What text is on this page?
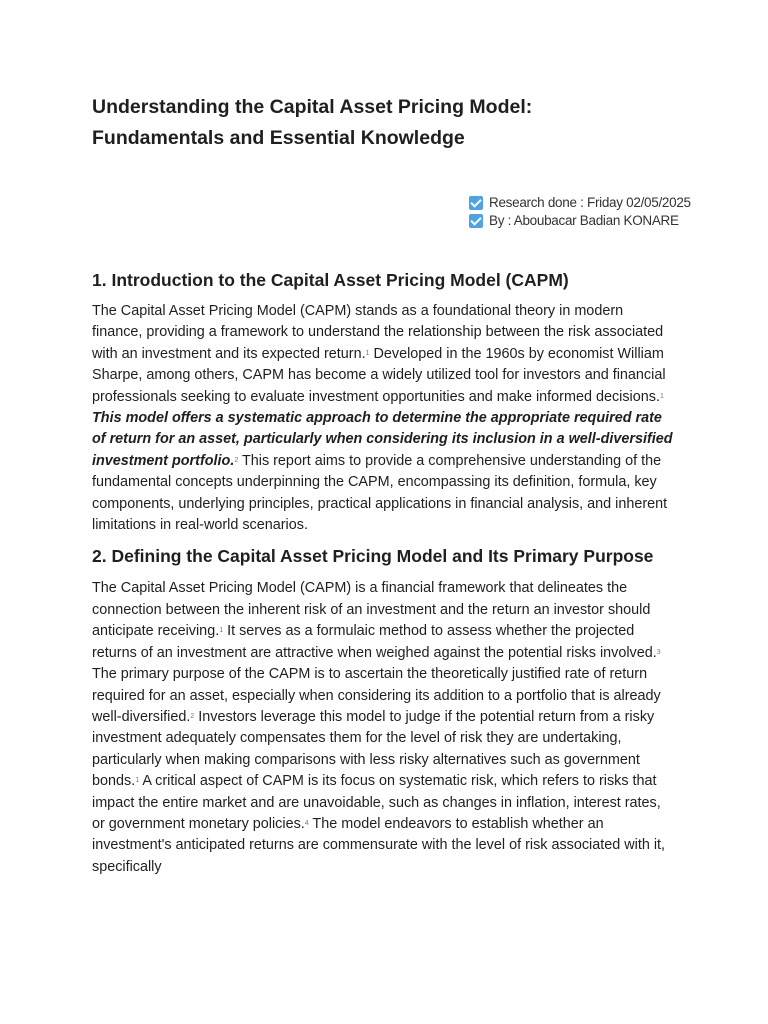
Understanding the Capital Asset Pricing Model:
Fundamentals and Essential Knowledge
Research done : Friday 02/05/2025
By : Aboubacar Badian KONARE
1. Introduction to the Capital Asset Pricing Model (CAPM)

The Capital Asset Pricing Model (CAPM) stands as a foundational theory in modern finance, providing a framework to understand the relationship between the risk associated with an investment and its expected return.$^1$ Developed in the 1960s by economist William Sharpe, among others, CAPM has become a widely utilized tool for investors and financial professionals seeking to evaluate investment opportunities and make informed decisions.$^1$ This model offers a systematic approach to determine the appropriate required rate of return for an asset, particularly when considering its inclusion in a well-diversified investment portfolio.$^2$ This report aims to provide a comprehensive understanding of the fundamental concepts underpinning the CAPM, encompassing its definition, formula, key components, underlying principles, practical applications in financial analysis, and inherent limitations in real-world scenarios.

2. Defining the Capital Asset Pricing Model and Its Primary Purpose

The Capital Asset Pricing Model (CAPM) is a financial framework that delineates the connection between the inherent risk of an investment and the return an investor should anticipate receiving.$^1$ It serves as a formulaic method to assess whether the projected returns of an investment are attractive when weighed against the potential risks involved.$^3$ The primary purpose of the CAPM is to ascertain the theoretically justified rate of return required for an asset, especially when considering its addition to a portfolio that is already well-diversified.$^2$ Investors leverage this model to judge if the potential return from a risky investment adequately compensates them for the level of risk they are undertaking, particularly when making comparisons with less risky alternatives such as government bonds.$^1$ A critical aspect of CAPM is its focus on systematic risk, which refers to risks that impact the entire market and are unavoidable, such as changes in inflation, interest rates, or government monetary policies.$^4$ The model endeavors to establish whether an investment's anticipated returns are commensurate with the level of risk associated with it, specifically
